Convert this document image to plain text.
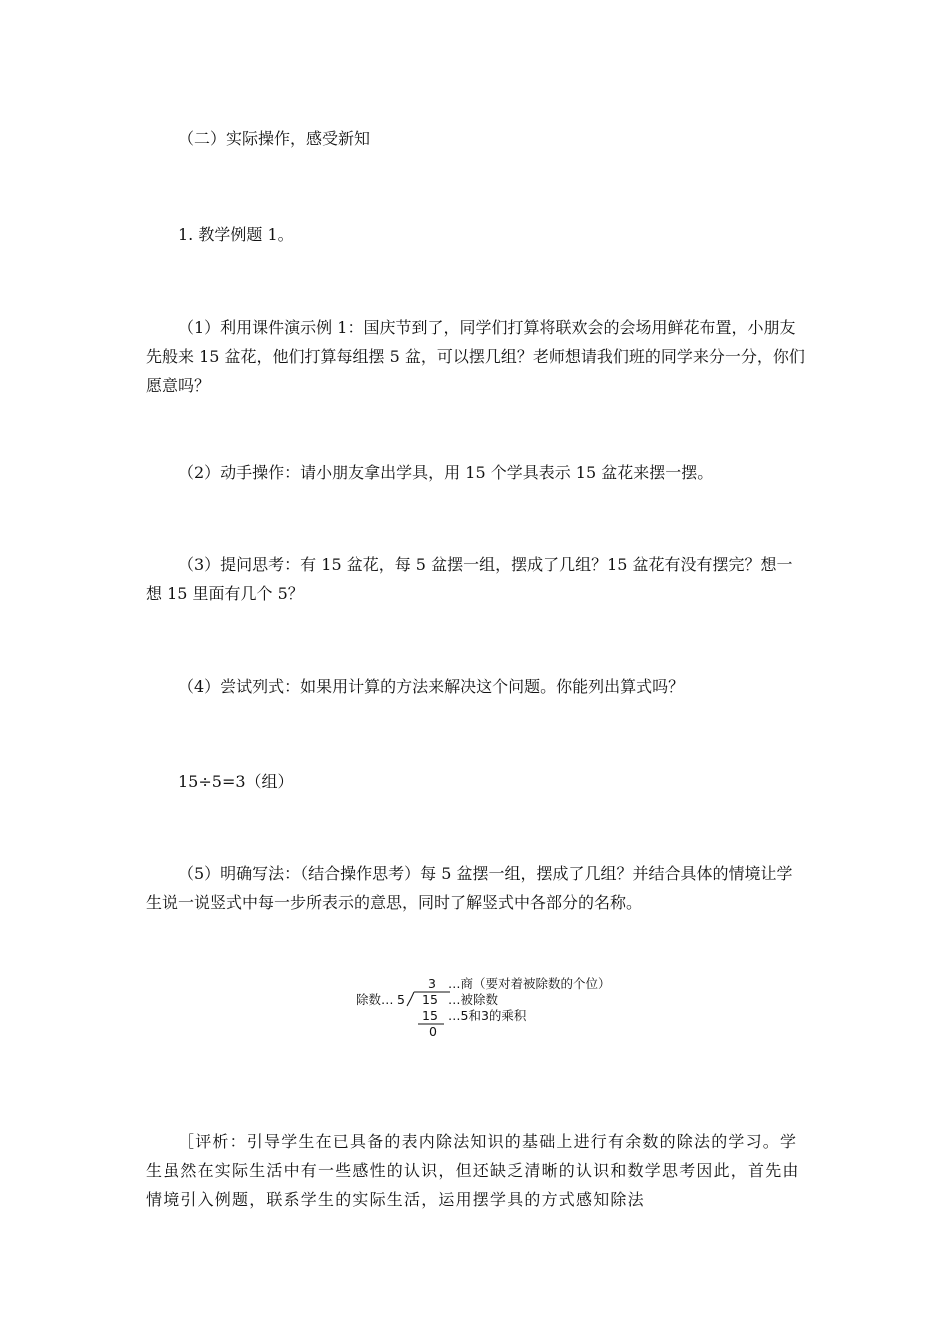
（二）实际操作，感受新知

1. 教学例题 1。

（1）利用课件演示例 1：国庆节到了，同学们打算将联欢会的会场用鲜花布置，小朋友先般来 15 盆花，他们打算每组摆 5 盆，可以摆几组？老师想请我们班的同学来分一分，你们愿意吗？

（2）动手操作：请小朋友拿出学具，用 15 个学具表示 15 盆花来摆一摆。

（3）提问思考：有 15 盆花，每 5 盆摆一组，摆成了几组？15 盆花有没有摆完？想一想 15 里面有几个 5？

（4）尝试列式：如果用计算的方法来解决这个问题。你能列出算式吗？

15÷5=3（组）

（5）明确写法：（结合操作思考）每 5 盆摆一组，摆成了几组？并结合具体的情境让学生说一说竖式中每一步所表示的意思，同时了解竖式中各部分的名称。

3 …商（要对着被除数的个位）
除数… 5 15 …被除数
15 …5和3的乘积
0

［评析：引导学生在已具备的表内除法知识的基础上进行有余数的除法的学习。学生虽然在实际生活中有一些感性的认识，但还缺乏清晰的认识和数学思考因此，首先由情境引入例题，联系学生的实际生活，运用摆学具的方式感知除法
